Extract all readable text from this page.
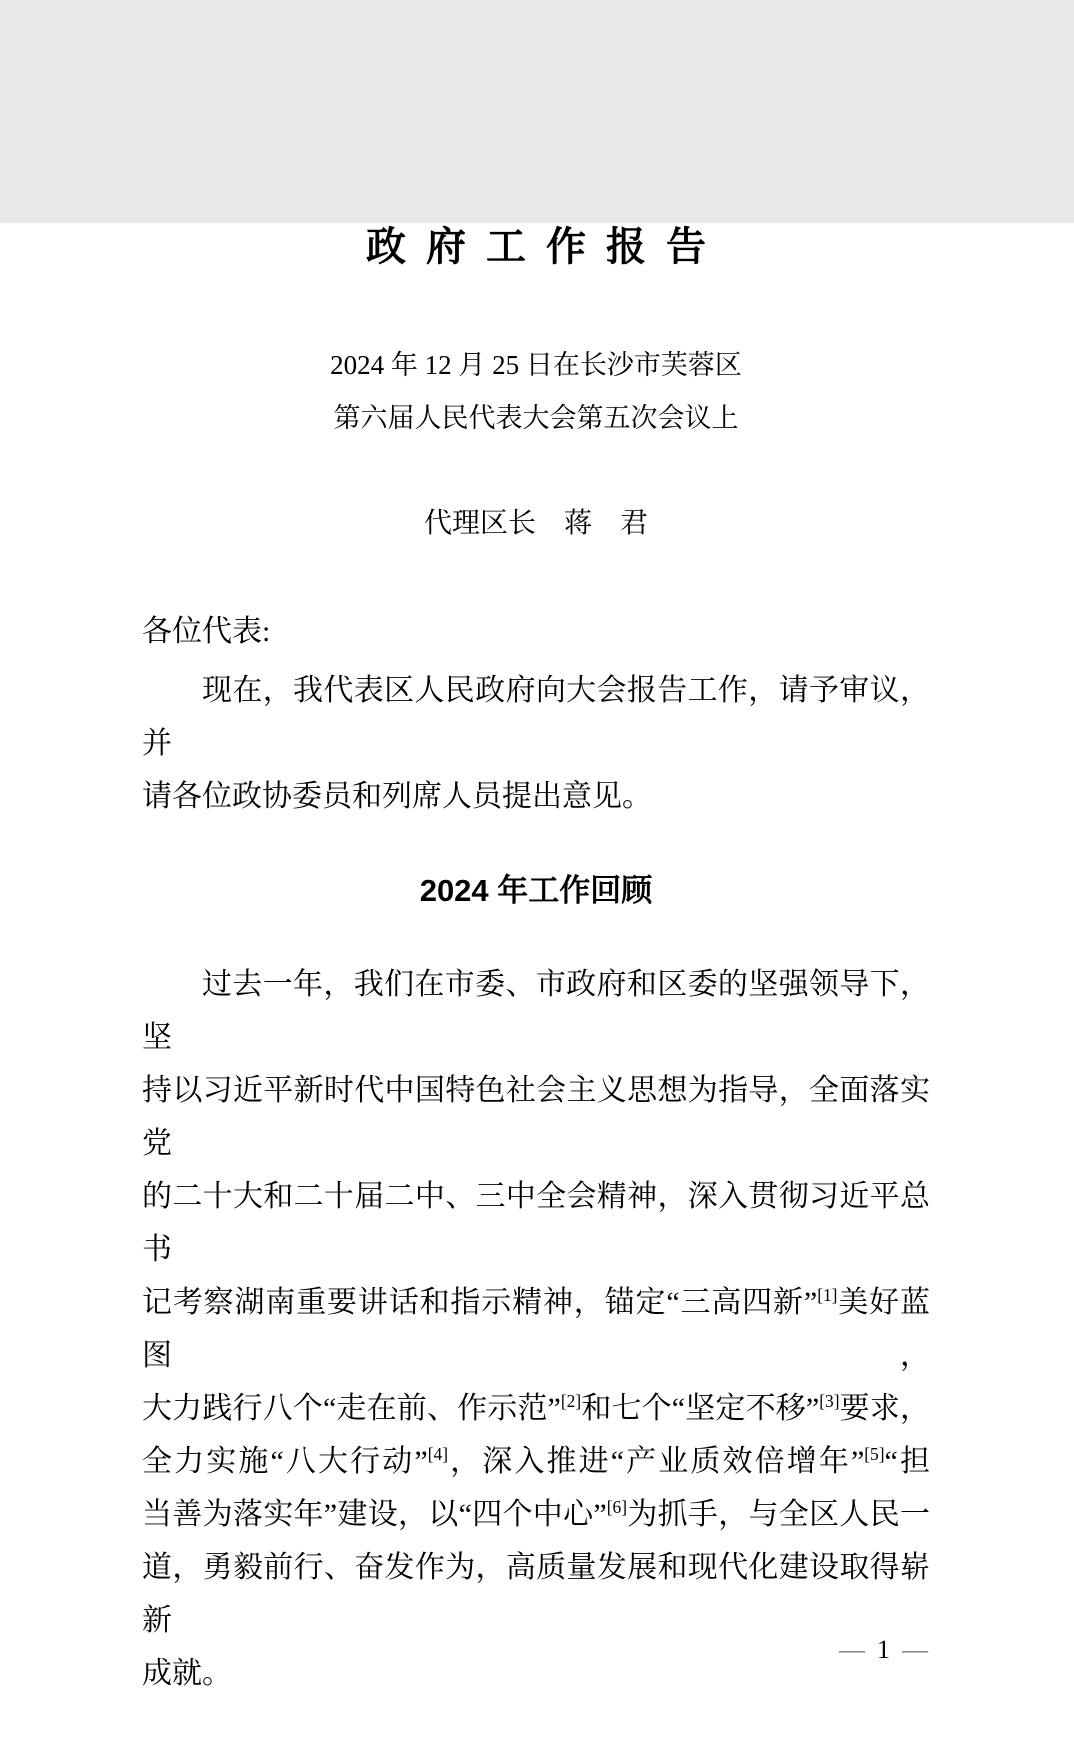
政府工作报告
2024 年 12 月 25 日在长沙市芙蓉区
第六届人民代表大会第五次会议上
代理区长　蒋　君
各位代表:
现在，我代表区人民政府向大会报告工作，请予审议，并
请各位政协委员和列席人员提出意见。
2024 年工作回顾
过去一年，我们在市委、市政府和区委的坚强领导下，坚
持以习近平新时代中国特色社会主义思想为指导，全面落实党
的二十大和二十届二中、三中全会精神，深入贯彻习近平总书
记考察湖南重要讲话和指示精神，锚定“三高四新”[1]美好蓝图，
大力践行八个“走在前、作示范”[2]和七个“坚定不移”[3]要求，
全力实施“八大行动”[4]，深入推进“产业质效倍增年”[5]“担
当善为落实年”建设，以“四个中心”[6]为抓手，与全区人民一
道，勇毅前行、奋发作为，高质量发展和现代化建设取得崭新
成就。
— 1 —
